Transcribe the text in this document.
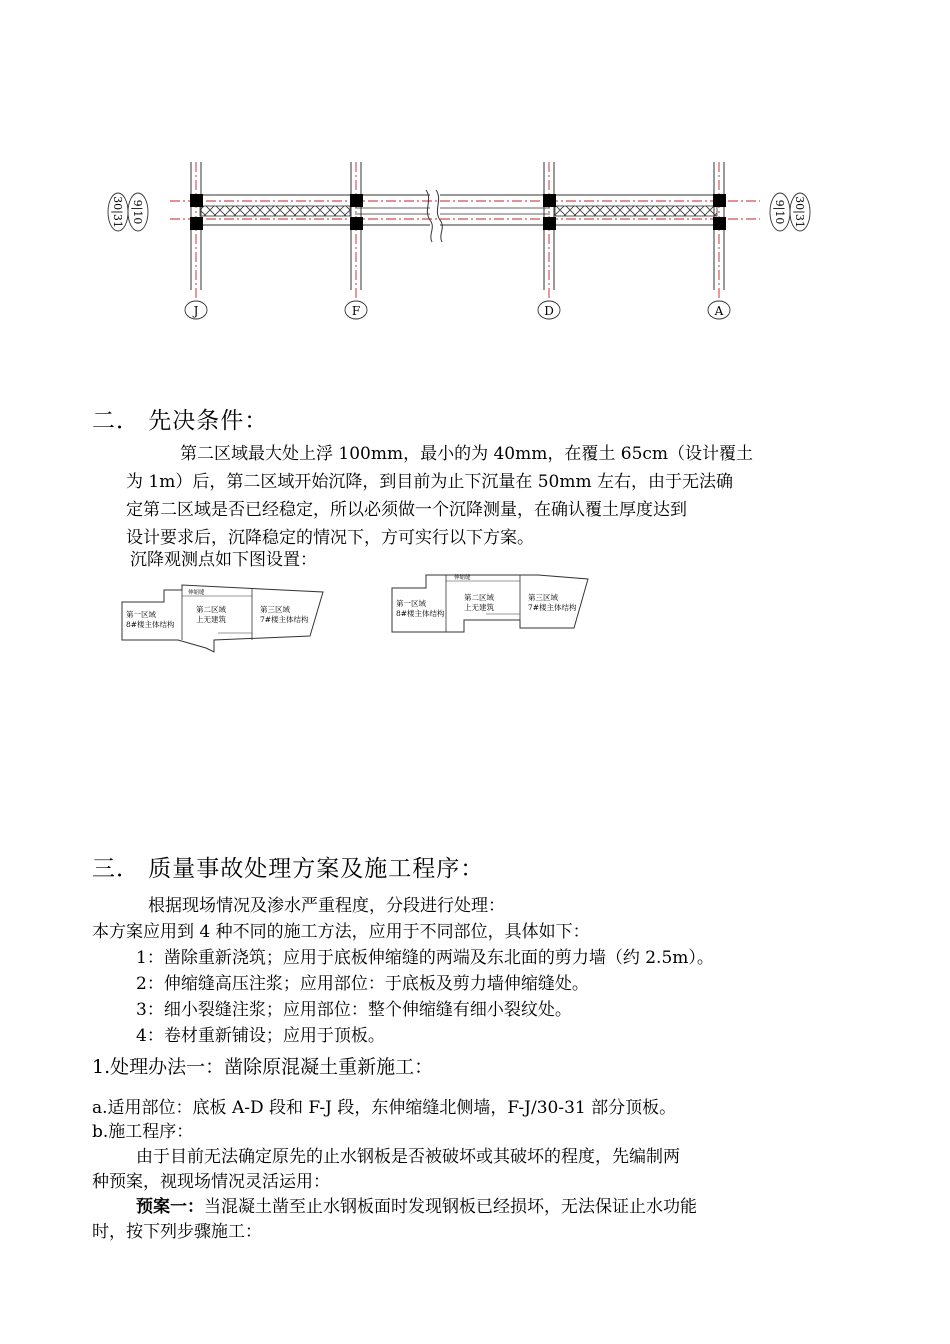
J	F	D	A
30|31 9|10	9|10 30|31
二． 先决条件：
第二区域最大处上浮 100mm，最小的为 40mm，在覆土 65cm（设计覆土
为 1m）后，第二区域开始沉降，到目前为止下沉量在 50mm 左右，由于无法确
定第二区域是否已经稳定，所以必须做一个沉降测量，在确认覆土厚度达到
设计要求后，沉降稳定的情况下，方可实行以下方案。
沉降观测点如下图设置：
伸缩缝
第一区域
8#楼主体结构
第二区域
上无建筑
第三区域
7#楼主体结构
伸缩缝
第一区域
8#楼主体结构
第二区域
上无建筑
第三区域
7#楼主体结构
三． 质量事故处理方案及施工程序：
根据现场情况及渗水严重程度，分段进行处理：
本方案应用到 4 种不同的施工方法，应用于不同部位，具体如下：
1：凿除重新浇筑；应用于底板伸缩缝的两端及东北面的剪力墙（约 2.5m）。
2：伸缩缝高压注浆；应用部位：于底板及剪力墙伸缩缝处。
3：细小裂缝注浆；应用部位：整个伸缩缝有细小裂纹处。
4：卷材重新铺设；应用于顶板。
1.处理办法一：凿除原混凝土重新施工：
a.适用部位：底板 A-D 段和 F-J 段，东伸缩缝北侧墙，F-J/30-31 部分顶板。
b.施工程序：
由于目前无法确定原先的止水钢板是否被破坏或其破坏的程度，先编制两
种预案，视现场情况灵活运用：
预案一：当混凝土凿至止水钢板面时发现钢板已经损坏，无法保证止水功能
时，按下列步骤施工：
